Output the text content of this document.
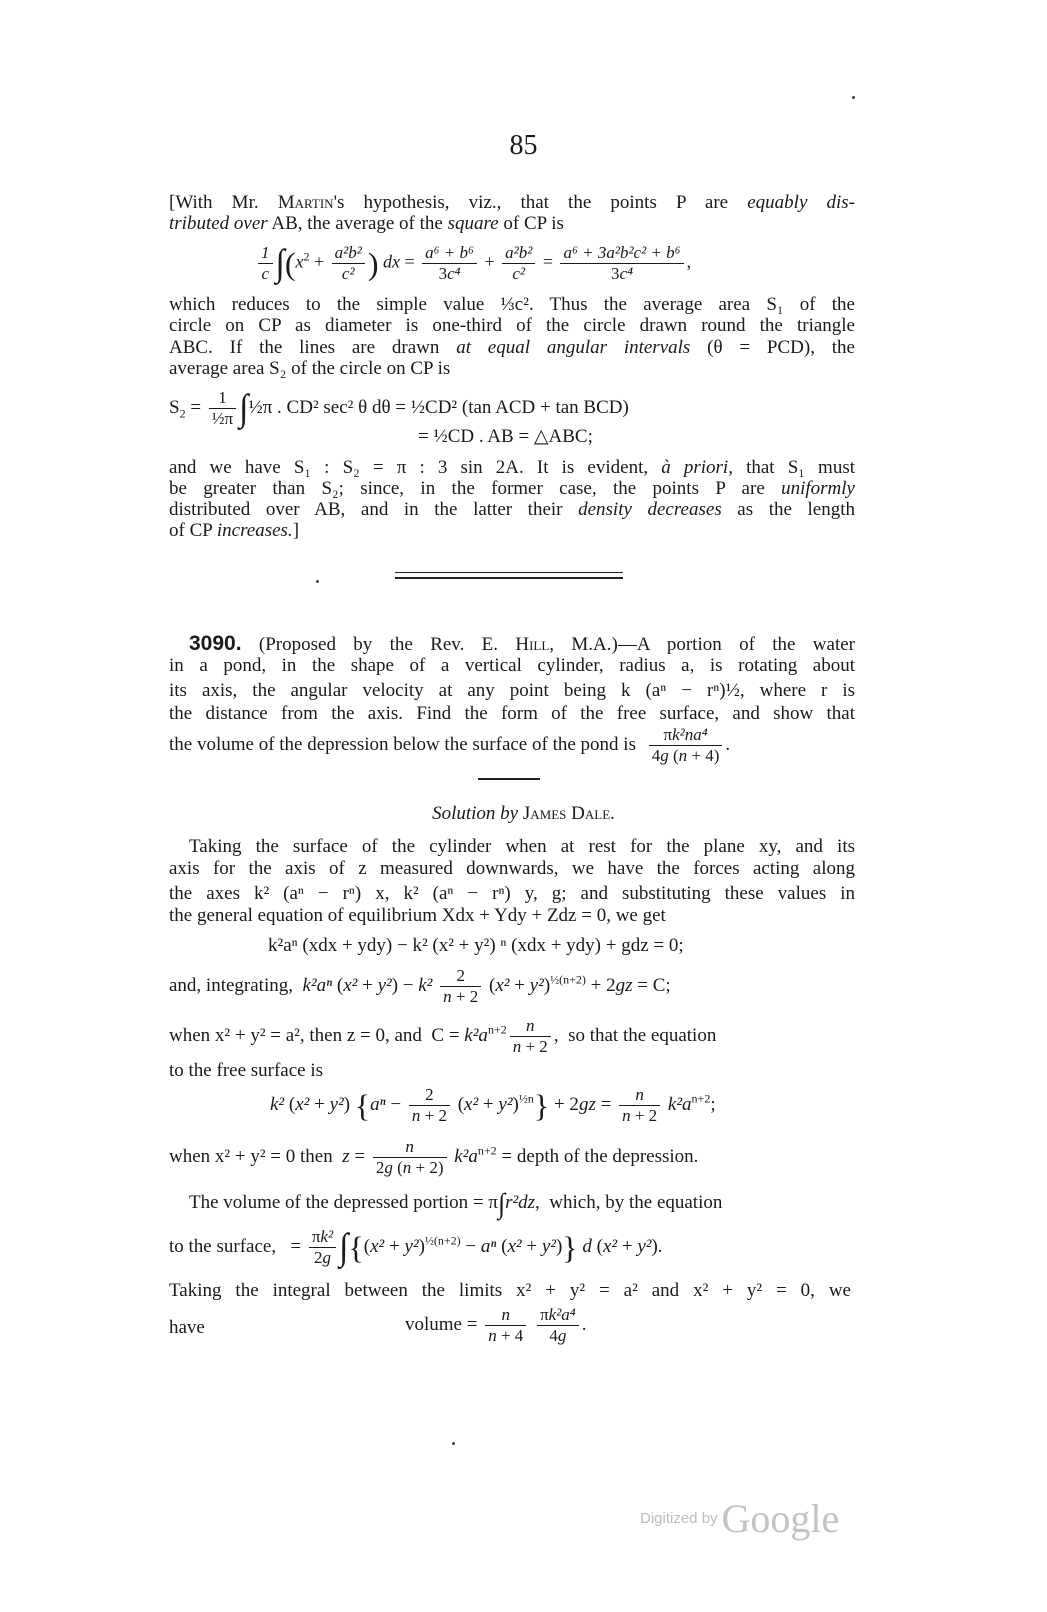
85
[With Mr. Martin's hypothesis, viz., that the points P are equably dis-
tributed over AB, the average of the square of CP is
$\frac{1}{c} \int(x^2 + \frac{\text{a²b²}}{\text{c²}}$ ) dx = $\frac{\text{a⁶ + b⁶}}{\text{3c⁴}} + \frac{\text{a²b²}}{\text{c²}} = \frac{\text{a⁶ + 3a²b²c² + b⁶}}{\text{3c⁴}}$ ,
which reduces to the simple value ⅓c². Thus the average area S₁ of the
circle on CP as diameter is one-third of the circle drawn round the triangle
ABC. If the lines are drawn at equal angular intervals (θ = PCD), the
average area S₂ of the circle on CP is
$S_2 = \frac{1}{\text{½π}}$ ∫½π . CD² sec² θ dθ = ½CD² (tan ACD + tan BCD)
= ½CD . AB = △ABC;
and we have S₁ : S₂ = π : 3 sin 2A. It is evident, à priori, that S₁ must
be greater than S₂; since, in the former case, the points P are uniformly
distributed over AB, and in the latter their density decreases as the length
of CP increases.]
3090. (Proposed by the Rev. E. Hill, M.A.)—A portion of the water
in a pond, in the shape of a vertical cylinder, radius a, is rotating about
its axis, the angular velocity at any point being k (aⁿ − rⁿ)½, where r is
the distance from the axis. Find the form of the free surface, and show that
the volume of the depression below the surface of the pond is $\frac{\text{πk²na⁴}}{4g (n + 4)}$ .
Solution by James Dale.
Taking the surface of the cylinder when at rest for the plane xy, and its
axis for the axis of z measured downwards, we have the forces acting along
the axes k² (aⁿ − rⁿ) x, k² (aⁿ − rⁿ) y, g; and substituting these values in
the general equation of equilibrium Xdx + Ydy + Zdz = 0, we get
k²aⁿ (xdx + ydy) − k² (x² + y²) ⁿ (xdx + ydy) + gdz = 0;
and, integrating, k²aⁿ $(x^2 + y^2) - k^2 \frac{2}{n + 2} (x^2 + y^2)^{\frac{1}{2}(n+2)} + 2gz = C$;
when x² + y² = a², then z = 0, and  $C = k^2a^{n+2} \frac{n}{n + 2}$ ,  so that the equation
to the free surface is
k² (x² + y²) $\{a^n - \frac{2}{n + 2} (x^2 + y^2)^{\frac{1}{2}n}\} + 2gz = \frac{n}{n + 2} k^2a^{n+2}$;
when x² + y² = 0 then $z = \frac{n}{2g (n + 2)} k^2a^{n+2}$ = depth of the depression.
The volume of the depressed portion = π∫r²dz,  which, by the equation
to the surface,   = $\frac{\text{πk²}}{2g} \int\{(x^2 + y^2)^{\frac{1}{2}(n+2)} - a^n$ (x² + y²)} d (x² + y²).
Taking the integral between the limits x² + y² = a² and x² + y² = 0, we
have	volume = $\frac{n}{n + 4}$
$\frac{\text{πk²a⁴}}{4g}$ .
Digitized by Google
